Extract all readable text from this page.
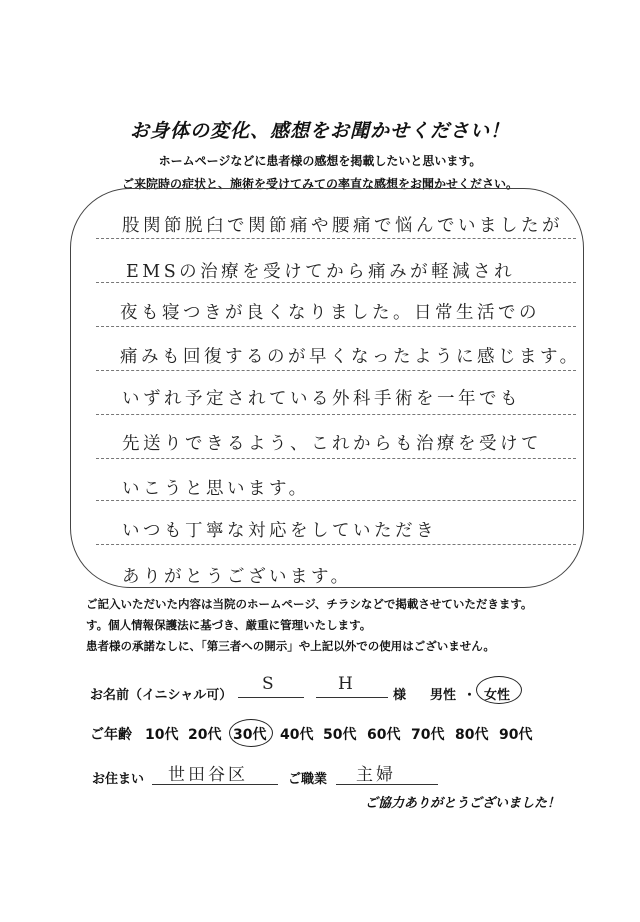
お身体の変化、感想をお聞かせください！
ホームページなどに患者様の感想を掲載したいと思います。
ご来院時の症状と、施術を受けてみての率直な感想をお聞かせください。
股関節脱臼で関節痛や腰痛で悩んでいましたが
EMSの治療を受けてから痛みが軽減され
夜も寝つきが良くなりました。日常生活での
痛みも回復するのが早くなったように感じます。
いずれ予定されている外科手術を一年でも
先送りできるよう、これからも治療を受けて
いこうと思います。
いつも丁寧な対応をしていただき
ありがとうございます。
ご記入いただいた内容は当院のホームページ、チラシなどで掲載させていただきます。
す。個人情報保護法に基づき、厳重に管理いたします。
患者様の承諾なしに、「第三者への開示」や上記以外での使用はございません。
お名前（イニシャル可）
S	H
様 男性 ・ 女性
ご年齢 10代 20代 30代 40代 50代 60代 70代 80代 90代
お住まい 世田谷区	ご職業 主婦
ご協力ありがとうございました！
